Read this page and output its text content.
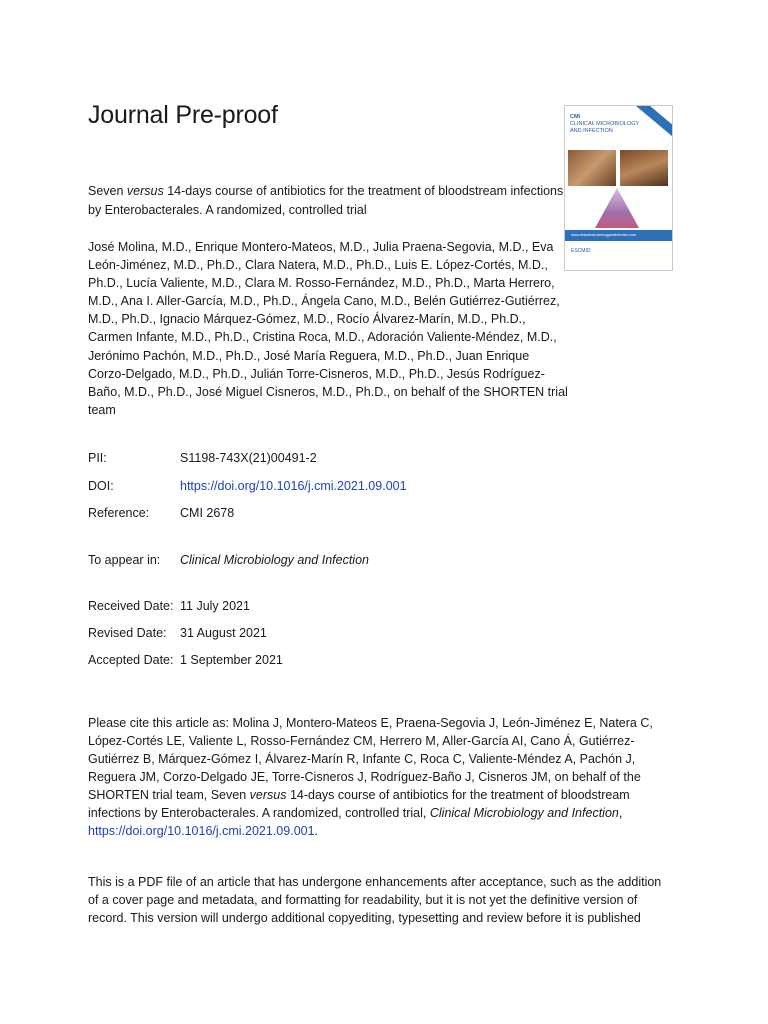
Journal Pre-proof
Seven versus 14-days course of antibiotics for the treatment of bloodstream infections by Enterobacterales. A randomized, controlled trial
José Molina, M.D., Enrique Montero-Mateos, M.D., Julia Praena-Segovia, M.D., Eva León-Jiménez, M.D., Ph.D., Clara Natera, M.D., Ph.D., Luis E. López-Cortés, M.D., Ph.D., Lucía Valiente, M.D., Clara M. Rosso-Fernández, M.D., Ph.D., Marta Herrero, M.D., Ana I. Aller-García, M.D., Ph.D., Ángela Cano, M.D., Belén Gutiérrez-Gutiérrez, M.D., Ph.D., Ignacio Márquez-Gómez, M.D., Rocío Álvarez-Marín, M.D., Ph.D., Carmen Infante, M.D., Ph.D., Cristina Roca, M.D., Adoración Valiente-Méndez, M.D., Jerónimo Pachón, M.D., Ph.D., José María Reguera, M.D., Ph.D., Juan Enrique Corzo-Delgado, M.D., Ph.D., Julián Torre-Cisneros, M.D., Ph.D., Jesús Rodríguez-Baño, M.D., Ph.D., José Miguel Cisneros, M.D., Ph.D., on behalf of the SHORTEN trial team
CMI
CLINICAL MICROBIOLOGY AND INFECTION
www.clinicalmicrobiologyandinfection.com
ESCMID
PII:	S1198-743X(21)00491-2
DOI:	https://doi.org/10.1016/j.cmi.2021.09.001
Reference: CMI 2678
To appear in: Clinical Microbiology and Infection
Received Date: 11 July 2021
Revised Date: 31 August 2021
Accepted Date: 1 September 2021
Please cite this article as: Molina J, Montero-Mateos E, Praena-Segovia J, León-Jiménez E, Natera C, López-Cortés LE, Valiente L, Rosso-Fernández CM, Herrero M, Aller-García AI, Cano Á, Gutiérrez-Gutiérrez B, Márquez-Gómez I, Álvarez-Marín R, Infante C, Roca C, Valiente-Méndez A, Pachón J, Reguera JM, Corzo-Delgado JE, Torre-Cisneros J, Rodríguez-Baño J, Cisneros JM, on behalf of the SHORTEN trial team, Seven versus 14-days course of antibiotics for the treatment of bloodstream infections by Enterobacterales. A randomized, controlled trial, Clinical Microbiology and Infection, https://doi.org/10.1016/j.cmi.2021.09.001.
This is a PDF file of an article that has undergone enhancements after acceptance, such as the addition of a cover page and metadata, and formatting for readability, but it is not yet the definitive version of record. This version will undergo additional copyediting, typesetting and review before it is published
